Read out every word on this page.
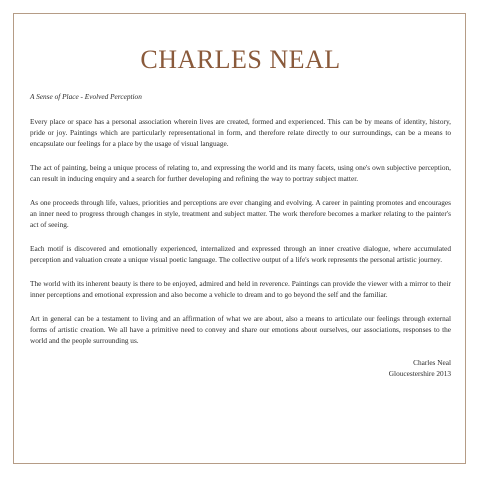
CHARLES NEAL

A Sense of Place - Evolved Perception

Every place or space has a personal association wherein lives are created, formed and experienced. This can be by means of identity, history, pride or joy. Paintings which are particularly representational in form, and therefore relate directly to our surroundings, can be a means to encapsulate our feelings for a place by the usage of visual language.

The act of painting, being a unique process of relating to, and expressing the world and its many facets, using one's own subjective perception, can result in inducing enquiry and a search for further developing and refining the way to portray subject matter.

As one proceeds through life, values, priorities and perceptions are ever changing and evolving. A career in painting promotes and encourages an inner need to progress through changes in style, treatment and subject matter. The work therefore becomes a marker relating to the painter's act of seeing.

Each motif is discovered and emotionally experienced, internalized and expressed through an inner creative dialogue, where accumulated perception and valuation create a unique visual poetic language. The collective output of a life's work represents the personal artistic journey.

The world with its inherent beauty is there to be enjoyed, admired and held in reverence. Paintings can provide the viewer with a mirror to their inner perceptions and emotional expression and also become a vehicle to dream and to go beyond the self and the familiar.

Art in general can be a testament to living and an affirmation of what we are about, also a means to articulate our feelings through external forms of artistic creation. We all have a primitive need to convey and share our emotions about ourselves, our associations, responses to the world and the people surrounding us.

Charles Neal
Gloucestershire 2013
